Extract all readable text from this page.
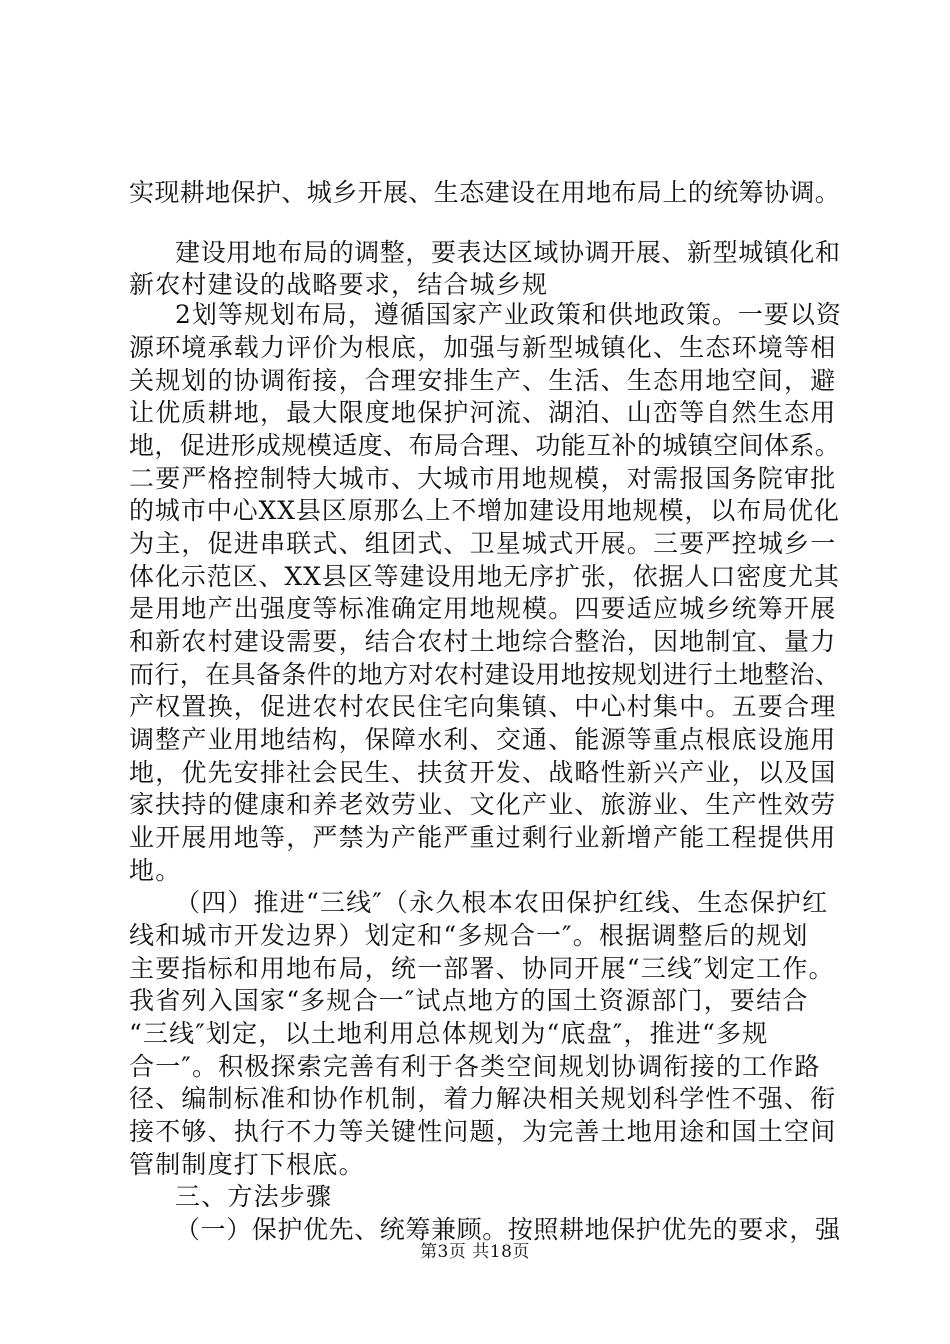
实现耕地保护、城乡开展、生态建设在用地布局上的统筹协调。
建设用地布局的调整，要表达区域协调开展、新型城镇化和
新农村建设的战略要求，结合城乡规
2划等规划布局，遵循国家产业政策和供地政策。一要以资
源环境承载力评价为根底，加强与新型城镇化、生态环境等相
关规划的协调衔接，合理安排生产、生活、生态用地空间，避
让优质耕地，最大限度地保护河流、湖泊、山峦等自然生态用
地，促进形成规模适度、布局合理、功能互补的城镇空间体系。
二要严格控制特大城市、大城市用地规模，对需报国务院审批
的城市中心XX县区原那么上不增加建设用地规模，以布局优化
为主，促进串联式、组团式、卫星城式开展。三要严控城乡一
体化示范区、XX县区等建设用地无序扩张，依据人口密度尤其
是用地产出强度等标准确定用地规模。四要适应城乡统筹开展
和新农村建设需要，结合农村土地综合整治，因地制宜、量力
而行，在具备条件的地方对农村建设用地按规划进行土地整治、
产权置换，促进农村农民住宅向集镇、中心村集中。五要合理
调整产业用地结构，保障水利、交通、能源等重点根底设施用
地，优先安排社会民生、扶贫开发、战略性新兴产业，以及国
家扶持的健康和养老效劳业、文化产业、旅游业、生产性效劳
业开展用地等，严禁为产能严重过剩行业新增产能工程提供用
地。
（四）推进“三线″（永久根本农田保护红线、生态保护红
线和城市开发边界）划定和“多规合一″。根据调整后的规划
主要指标和用地布局，统一部署、协同开展“三线″划定工作。
我省列入国家“多规合一″试点地方的国土资源部门，要结合
“三线″划定，以土地利用总体规划为“底盘″，推进“多规
合一″。积极探索完善有利于各类空间规划协调衔接的工作路
径、编制标准和协作机制，着力解决相关规划科学性不强、衔
接不够、执行不力等关键性问题，为完善土地用途和国土空间
管制制度打下根底。
三、方法步骤
（一）保护优先、统筹兼顾。按照耕地保护优先的要求，强
第3页 共18页
